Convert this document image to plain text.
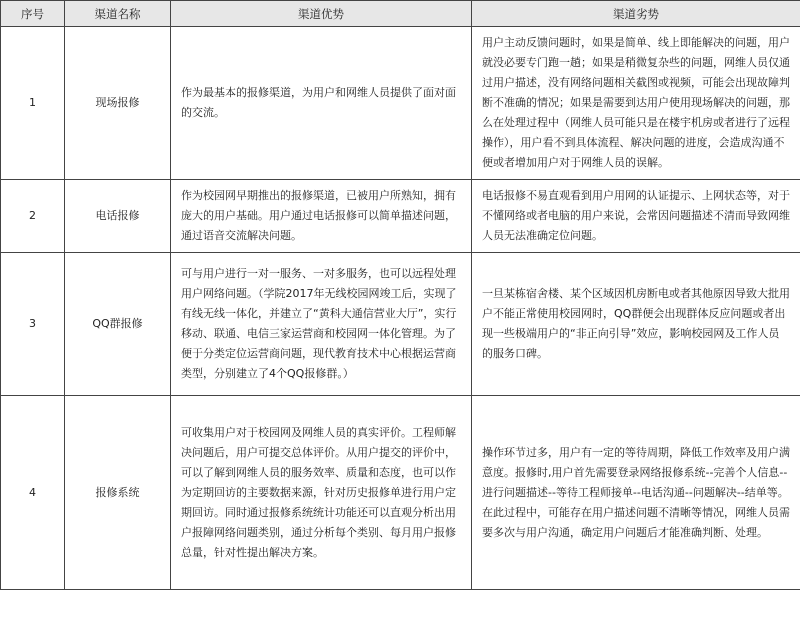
序号	渠道名称	渠道优势	渠道劣势
1	现场报修	作为最基本的报修渠道，为用户和网维人员提供了面对面的交流。	用户主动反馈问题时，如果是简单、线上即能解决的问题，用户就没必要专门跑一趟；如果是稍微复杂些的问题，网维人员仅通过用户描述，没有网络问题相关截图或视频，可能会出现故障判断不准确的情况；如果是需要到达用户使用现场解决的问题，那么在处理过程中（网维人员可能只是在楼宇机房或者进行了远程操作），用户看不到具体流程、解决问题的进度，会造成沟通不便或者增加用户对于网维人员的误解。
2	电话报修	作为校园网早期推出的报修渠道，已被用户所熟知，拥有庞大的用户基础。用户通过电话报修可以简单描述问题，通过语音交流解决问题。	电话报修不易直观看到用户用网的认证提示、上网状态等，对于不懂网络或者电脑的用户来说，会常因问题描述不清而导致网维人员无法准确定位问题。
3	QQ群报修	可与用户进行一对一服务、一对多服务，也可以远程处理用户网络问题。（学院2017年无线校园网竣工后，实现了有线无线一体化，并建立了“黄科大通信营业大厅”，实行移动、联通、电信三家运营商和校园网一体化管理。为了便于分类定位运营商问题，现代教育技术中心根据运营商类型，分别建立了4个QQ报修群。）	一旦某栋宿舍楼、某个区域因机房断电或者其他原因导致大批用户不能正常使用校园网时，QQ群便会出现群体反应问题或者出现一些极端用户的“非正向引导”效应，影响校园网及工作人员的服务口碑。
4	报修系统	可收集用户对于校园网及网维人员的真实评价。工程师解决问题后，用户可提交总体评价。从用户提交的评价中，可以了解到网维人员的服务效率、质量和态度，也可以作为定期回访的主要数据来源，针对历史报修单进行用户定期回访。同时通过报修系统统计功能还可以直观分析出用户报障网络问题类别，通过分析每个类别、每月用户报修总量，针对性提出解决方案。	操作环节过多，用户有一定的等待周期，降低工作效率及用户满意度。报修时,用户首先需要登录网络报修系统--完善个人信息--进行问题描述--等待工程师接单--电话沟通--问题解决--结单等。在此过程中，可能存在用户描述问题不清晰等情况，网维人员需要多次与用户沟通，确定用户问题后才能准确判断、处理。
